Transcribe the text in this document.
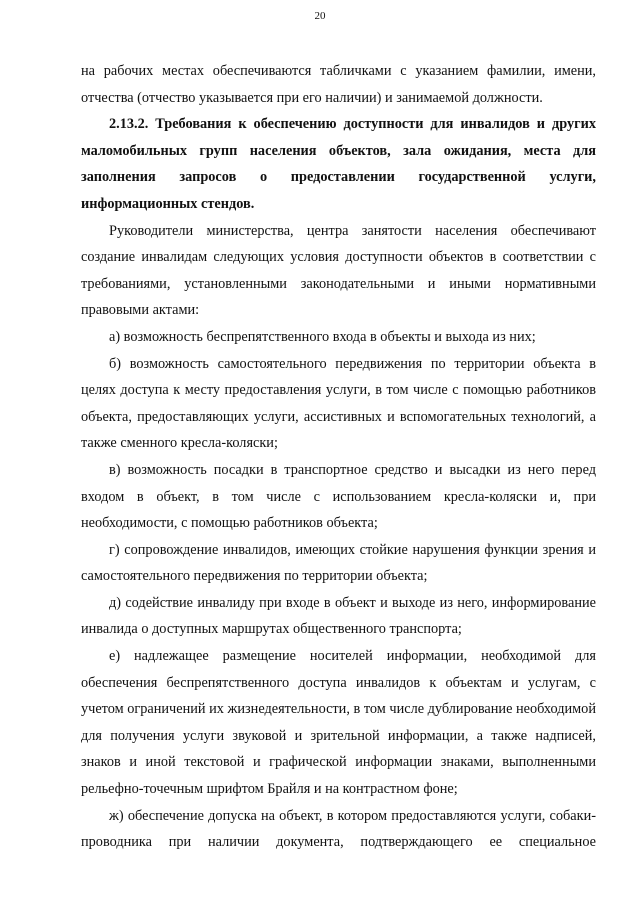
20

на рабочих местах обеспечиваются табличками с указанием фамилии, имени, отчества (отчество указывается при его наличии) и занимаемой должности.

2.13.2. Требования к обеспечению доступности для инвалидов и других маломобильных групп населения объектов, зала ожидания, места для заполнения запросов о предоставлении государственной услуги, информационных стендов.

Руководители министерства, центра занятости населения обеспечивают создание инвалидам следующих условия доступности объектов в соответствии с требованиями, установленными законодательными и иными нормативными правовыми актами:

а) возможность беспрепятственного входа в объекты и выхода из них;

б) возможность самостоятельного передвижения по территории объекта в целях доступа к месту предоставления услуги, в том числе с помощью работников объекта, предоставляющих услуги, ассистивных и вспомогательных технологий, а также сменного кресла-коляски;

в) возможность посадки в транспортное средство и высадки из него перед входом в объект, в том числе с использованием кресла-коляски и, при необходимости, с помощью работников объекта;

г) сопровождение инвалидов, имеющих стойкие нарушения функции зрения и самостоятельного передвижения по территории объекта;

д) содействие инвалиду при входе в объект и выходе из него, информирование инвалида о доступных маршрутах общественного транспорта;

е) надлежащее размещение носителей информации, необходимой для обеспечения беспрепятственного доступа инвалидов к объектам и услугам, с учетом ограничений их жизнедеятельности, в том числе дублирование необходимой для получения услуги звуковой и зрительной информации, а также надписей, знаков и иной текстовой и графической информации знаками, выполненными рельефно-точечным шрифтом Брайля и на контрастном фоне;

ж) обеспечение допуска на объект, в котором предоставляются услуги, собаки-проводника при наличии документа, подтверждающего ее специальное
